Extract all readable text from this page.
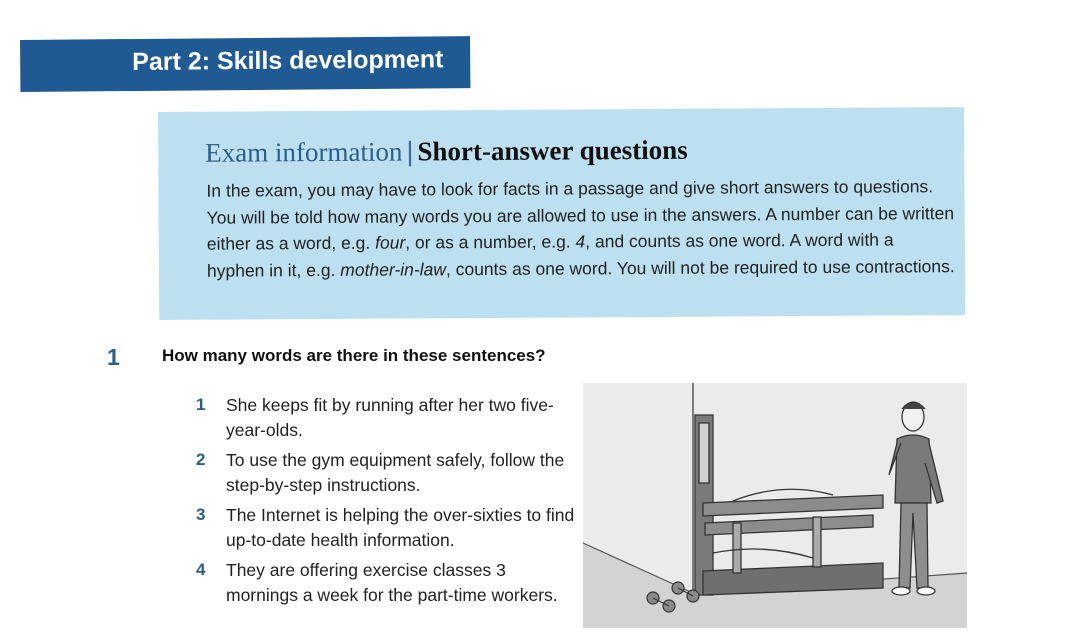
Part 2: Skills development
Exam information | Short-answer questions
In the exam, you may have to look for facts in a passage and give short answers to questions. You will be told how many words you are allowed to use in the answers. A number can be written either as a word, e.g. four, or as a number, e.g. 4, and counts as one word. A word with a hyphen in it, e.g. mother-in-law, counts as one word. You will not be required to use contractions.
1 How many words are there in these sentences?
1 She keeps fit by running after her two five-year-olds.
2 To use the gym equipment safely, follow the step-by-step instructions.
3 The Internet is helping the over-sixties to find up-to-date health information.
4 They are offering exercise classes 3 mornings a week for the part-time workers.
